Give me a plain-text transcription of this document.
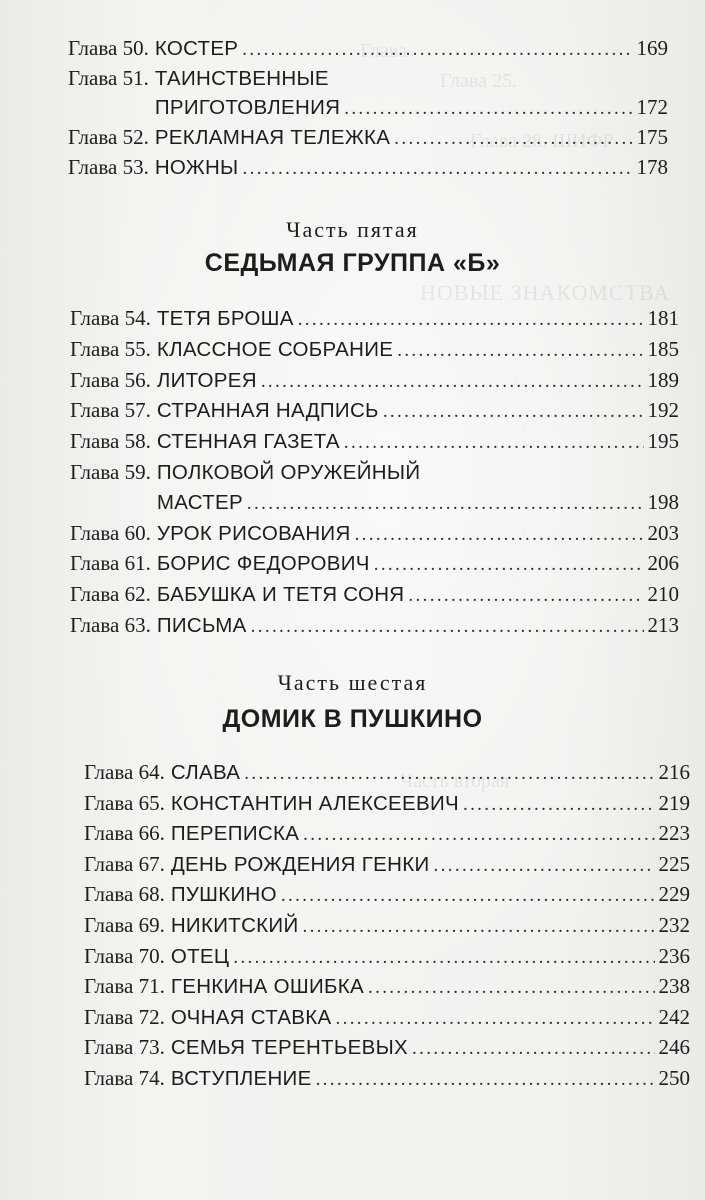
Глава
Глава 25.
Глава 28. ШИФР
НОВЫЕ ЗНАКОМСТВА
Часть вторая
Глава 50. КОСТЕР . . .	169
Глава 51. ТАИНСТВЕННЫЕ
ПРИГОТОВЛЕНИЯ . . .	172
Глава 52. РЕКЛАМНАЯ ТЕЛЕЖКА . . .	175
Глава 53. НОЖНЫ . . .	178
Часть пятая
СЕДЬМАЯ ГРУППА «Б»
Глава 54. ТЕТЯ БРОША . . .	181
Глава 55. КЛАССНОЕ СОБРАНИЕ . . .	185
Глава 56. ЛИТОРЕЯ . . .	189
Глава 57. СТРАННАЯ НАДПИСЬ . . .	192
Глава 58. СТЕННАЯ ГАЗЕТА . . .	195
Глава 59. ПОЛКОВОЙ ОРУЖЕЙНЫЙ
МАСТЕР . . .	198
Глава 60. УРОК РИСОВАНИЯ . . .	203
Глава 61. БОРИС ФЕДОРОВИЧ . . .	206
Глава 62. БАБУШКА И ТЕТЯ СОНЯ . . .	210
Глава 63. ПИСЬМА . . .	213
Часть шестая
ДОМИК В ПУШКИНО
Глава 64. СЛАВА . . .	216
Глава 65. КОНСТАНТИН АЛЕКСЕЕВИЧ . . .	219
Глава 66. ПЕРЕПИСКА . . .	223
Глава 67. ДЕНЬ РОЖДЕНИЯ ГЕНКИ . . .	225
Глава 68. ПУШКИНО . . .	229
Глава 69. НИКИТСКИЙ . . .	232
Глава 70. ОТЕЦ . . .	236
Глава 71. ГЕНКИНА ОШИБКА . . .	238
Глава 72. ОЧНАЯ СТАВКА . . .	242
Глава 73. СЕМЬЯ ТЕРЕНТЬЕВЫХ . . .	246
Глава 74. ВСТУПЛЕНИЕ . . .	250
